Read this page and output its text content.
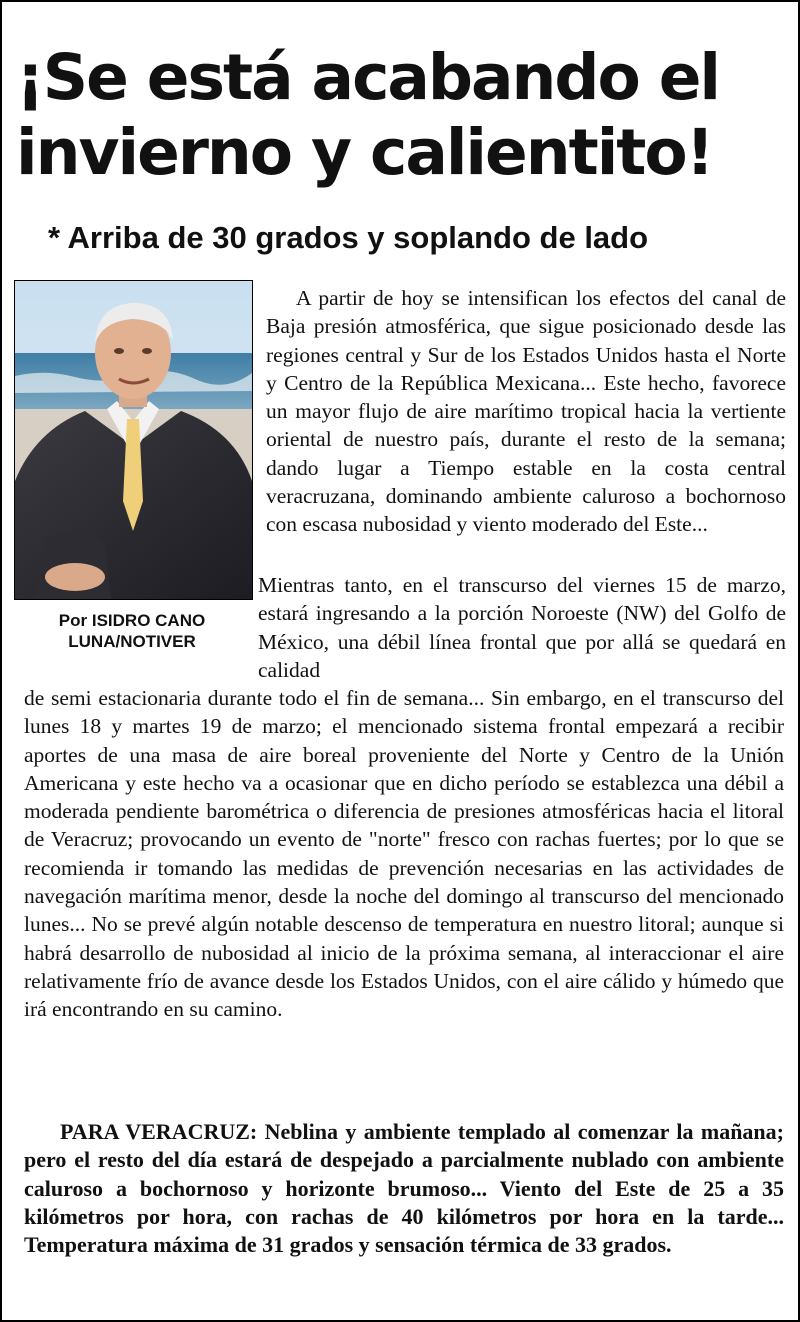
¡Se está acabando el
invierno y calientito!
* Arriba de 30 grados y soplando de lado
Por ISIDRO CANO
LUNA/NOTIVER

A partir de hoy se intensifican los efectos del canal de Baja presión atmosférica, que sigue posicionado desde las regiones central y Sur de los Estados Unidos hasta el Norte y Centro de la República Mexicana... Este hecho, favorece un mayor flujo de aire marítimo tropical hacia la vertiente oriental de nuestro país, durante el resto de la semana; dando lugar a Tiempo estable en la costa central veracruzana, dominando ambiente caluroso a bochornoso con escasa nubosidad y viento moderado del Este...

Mientras tanto, en el transcurso del viernes 15 de marzo, estará ingresando a la porción Noroeste (NW) del Golfo de México, una débil línea frontal que por allá se quedará en calidad

de semi estacionaria durante todo el fin de semana... Sin embargo, en el transcurso del lunes 18 y martes 19 de marzo; el mencionado sistema frontal empezará a recibir aportes de una masa de aire boreal proveniente del Norte y Centro de la Unión Americana y este hecho va a ocasionar que en dicho período se establezca una débil a moderada pendiente barométrica o diferencia de presiones atmosféricas hacia el litoral de Veracruz; provocando un evento de "norte" fresco con rachas fuertes; por lo que se recomienda ir tomando las medidas de prevención necesarias en las actividades de navegación marítima menor, desde la noche del domingo al transcurso del mencionado lunes... No se prevé algún notable descenso de temperatura en nuestro litoral; aunque si habrá desarrollo de nubosidad al inicio de la próxima semana, al interaccionar el aire relativamente frío de avance desde los Estados Unidos, con el aire cálido y húmedo que irá encontrando en su camino.

PARA VERACRUZ: Neblina y ambiente templado al comenzar la mañana; pero el resto del día estará de despejado a parcialmente nublado con ambiente caluroso a bochornoso y horizonte brumoso... Viento del Este de 25 a 35 kilómetros por hora, con rachas de 40 kilómetros por hora en la tarde... Temperatura máxima de 31 grados y sensación térmica de 33 grados.
